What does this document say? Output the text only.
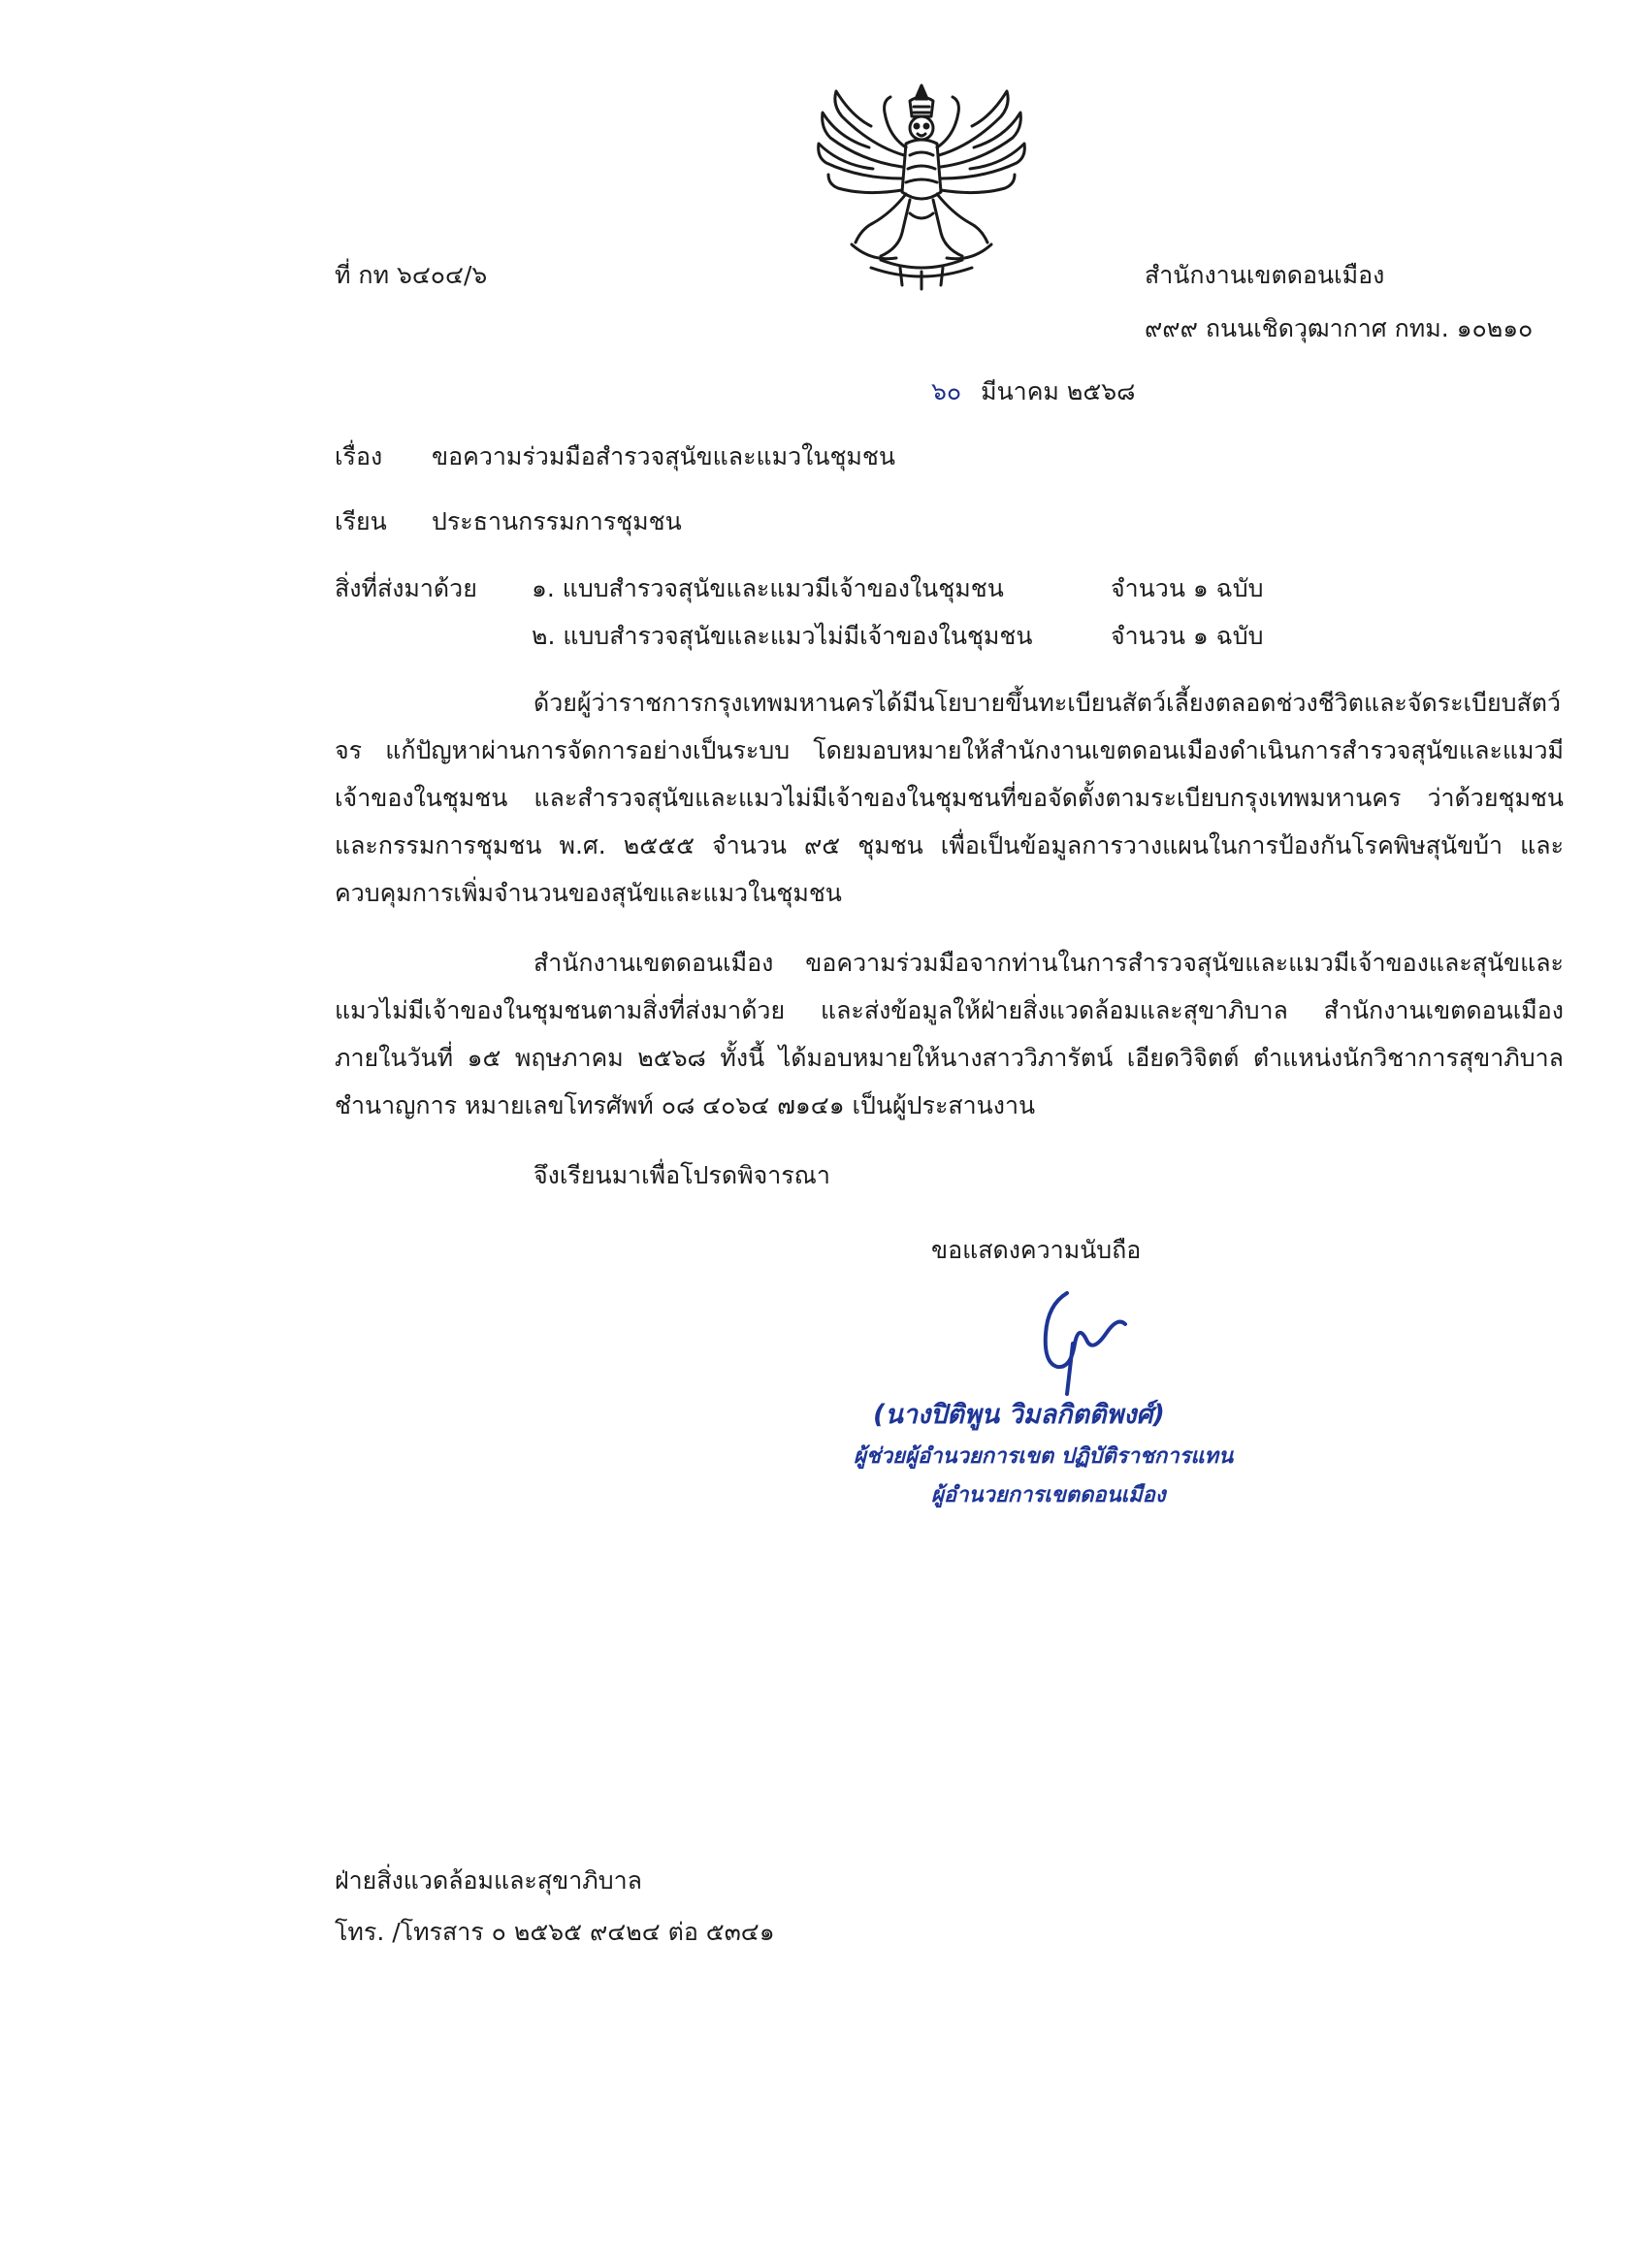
ที่ กท ๖๔๐๔/๖	สำนักงานเขตดอนเมือง
๙๙๙ ถนนเชิดวุฒากาศ กทม. ๑๐๒๑๐
๖๐ มีนาคม ๒๕๖๘
เรื่อง ขอความร่วมมือสำรวจสุนัขและแมวในชุมชน
เรียน ประธานกรรมการชุมชน
สิ่งที่ส่งมาด้วย ๑. แบบสำรวจสุนัขและแมวมีเจ้าของในชุมชน	จำนวน ๑ ฉบับ
๒. แบบสำรวจสุนัขและแมวไม่มีเจ้าของในชุมชน	จำนวน ๑ ฉบับ
ด้วยผู้ว่าราชการกรุงเทพมหานครได้มีนโยบายขึ้นทะเบียนสัตว์เลี้ยงตลอดช่วงชีวิตและจัดระเบียบสัตว์จร แก้ปัญหาผ่านการจัดการอย่างเป็นระบบ โดยมอบหมายให้สำนักงานเขตดอนเมืองดำเนินการสำรวจสุนัขและแมวมีเจ้าของในชุมชน และสำรวจสุนัขและแมวไม่มีเจ้าของในชุมชนที่ขอจัดตั้งตามระเบียบกรุงเทพมหานคร ว่าด้วยชุมชนและกรรมการชุมชน พ.ศ. ๒๕๕๕ จำนวน ๙๕ ชุมชน เพื่อเป็นข้อมูลการวางแผนในการป้องกันโรคพิษสุนัขบ้า และควบคุมการเพิ่มจำนวนของสุนัขและแมวในชุมชน
สำนักงานเขตดอนเมือง ขอความร่วมมือจากท่านในการสำรวจสุนัขและแมวมีเจ้าของและสุนัขและแมวไม่มีเจ้าของในชุมชนตามสิ่งที่ส่งมาด้วย และส่งข้อมูลให้ฝ่ายสิ่งแวดล้อมและสุขาภิบาล สำนักงานเขตดอนเมือง ภายในวันที่ ๑๕ พฤษภาคม ๒๕๖๘ ทั้งนี้ ได้มอบหมายให้นางสาววิภารัตน์ เอียดวิจิตต์ ตำแหน่งนักวิชาการสุขาภิบาลชำนาญการ หมายเลขโทรศัพท์ ๐๘ ๔๐๖๔ ๗๑๔๑ เป็นผู้ประสานงาน
จึงเรียนมาเพื่อโปรดพิจารณา
ขอแสดงความนับถือ
(นางปิติพูน วิมลกิตติพงศ์)
ผู้ช่วยผู้อำนวยการเขต ปฏิบัติราชการแทน
ผู้อำนวยการเขตดอนเมือง
ฝ่ายสิ่งแวดล้อมและสุขาภิบาล
โทร. /โทรสาร ๐ ๒๕๖๕ ๙๔๒๔ ต่อ ๕๓๔๑
